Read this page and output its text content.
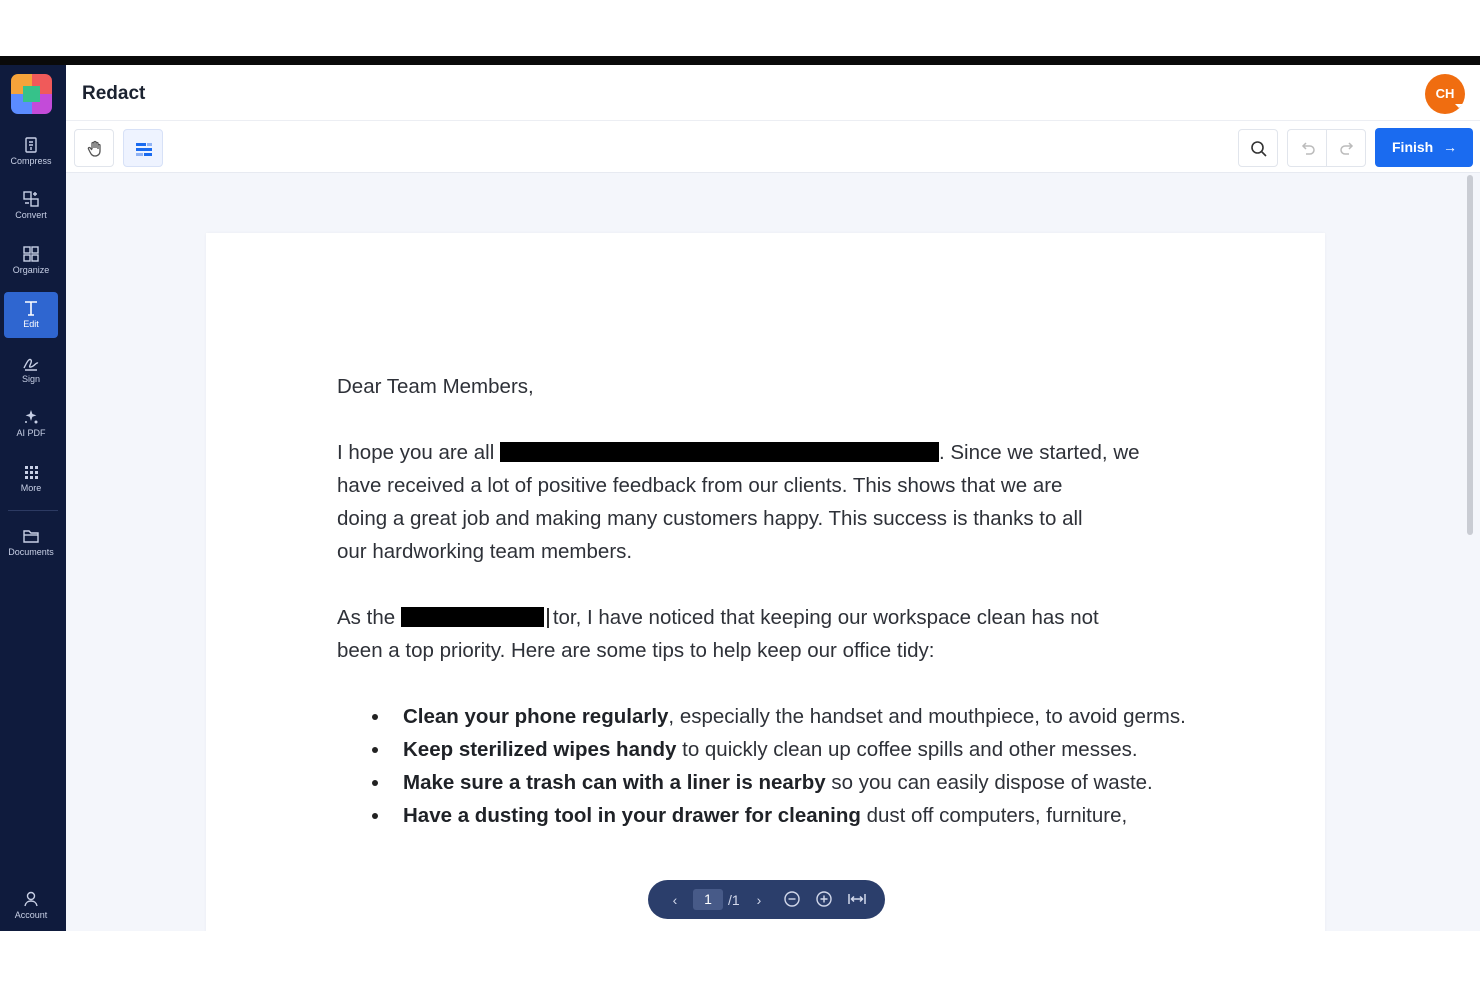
Compress
Convert
Organize
Edit
Sign
AI PDF
More
Documents
Account
Redact	CH
Finish →

Dear Team Members,

I hope you are all	. Since we started, we
have received a lot of positive feedback from our clients. This shows that we are
doing a great job and making many customers happy. This success is thanks to all
our hardworking team members.

As the	tor, I have noticed that keeping our workspace clean has not
been a top priority. Here are some tips to help keep our office tidy:

Clean your phone regularly, especially the handset and mouthpiece, to avoid germs.
Keep sterilized wipes handy to quickly clean up coffee spills and other messes.
Make sure a trash can with a liner is nearby so you can easily dispose of waste.
Have a dusting tool in your drawer for cleaning dust off computers, furniture,
‹	1	/1	›
